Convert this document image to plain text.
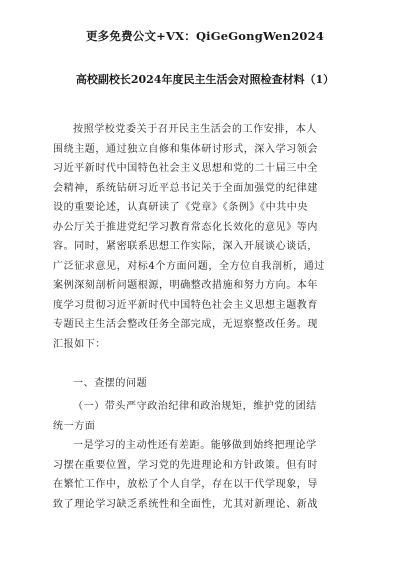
更多免费公文+VX：QiGeGongWen2024
高校副校长2024年度民主生活会对照检查材料（1）
按照学校党委关于召开民主生活会的工作安排，本人
围绕主题，通过独立自修和集体研讨形式，深入学习领会
习近平新时代中国特色社会主义思想和党的二十届三中全
会精神，系统钻研习近平总书记关于全面加强党的纪律建
设的重要论述，认真研读了《党章》《条例》《中共中央
办公厅关于推进党纪学习教育常态化长效化的意见》等内
容。同时，紧密联系思想工作实际，深入开展谈心谈话，
广泛征求意见，对标4个方面问题，全方位自我剖析，通过
案例深刻剖析问题根源，明确整改措施和努力方向。本年
度学习贯彻习近平新时代中国特色社会主义思想主题教育
专题民主生活会整改任务全部完成，无逗察整改任务。现
汇报如下：
一、查摆的问题
（一）带头严守政治纪律和政治规矩，维护党的团结
统一方面
一是学习的主动性还有差距。能够做到始终把理论学
习摆在重要位置，学习党的先进理论和方针政策。但有时
在繁忙工作中，放松了个人自学，存在以干代学现象，导
致了理论学习缺乏系统性和全面性，尤其对新理论、新战
